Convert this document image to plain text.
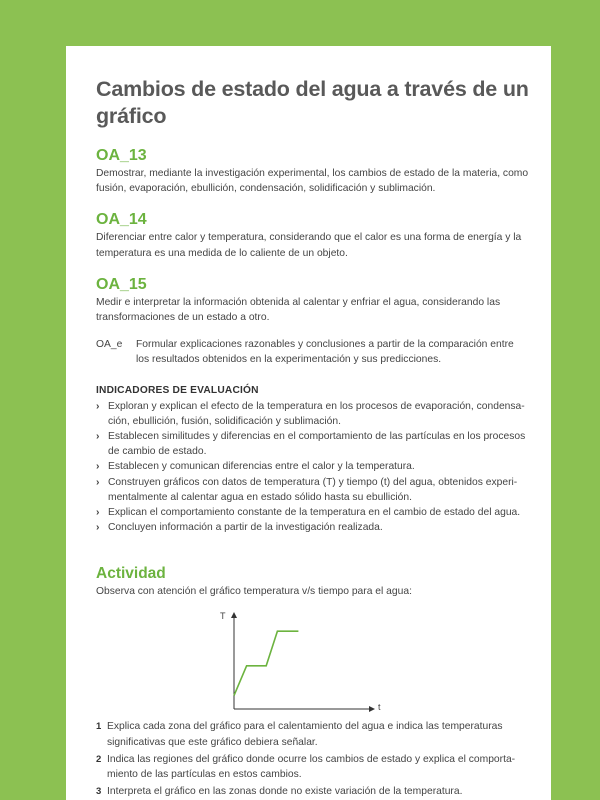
Cambios de estado del agua a través de un gráfico
OA_13
Demostrar, mediante la investigación experimental, los cambios de estado de la materia, como fusión, evaporación, ebullición, condensación, solidificación y sublimación.
OA_14
Diferenciar entre calor y temperatura, considerando que el calor es una forma de energía y la temperatura es una medida de lo caliente de un objeto.
OA_15
Medir e interpretar la información obtenida al calentar y enfriar el agua, considerando las transformaciones de un estado a otro.
OA_e	Formular explicaciones razonables y conclusiones a partir de la comparación entre los resultados obtenidos en la experimentación y sus predicciones.
INDICADORES DE EVALUACIÓN
› Exploran y explican el efecto de la temperatura en los procesos de evaporación, condensa- ción, ebullición, fusión, solidificación y sublimación.
› Establecen similitudes y diferencias en el comportamiento de las partículas en los procesos de cambio de estado.
› Establecen y comunican diferencias entre el calor y la temperatura.
› Construyen gráficos con datos de temperatura (T) y tiempo (t) del agua, obtenidos experi- mentalmente al calentar agua en estado sólido hasta su ebullición.
› Explican el comportamiento constante de la temperatura en el cambio de estado del agua.
› Concluyen información a partir de la investigación realizada.
Actividad
Observa con atención el gráfico temperatura v/s tiempo para el agua:
T
t
1 Explica cada zona del gráfico para el calentamiento del agua e indica las temperaturas significativas que este gráfico debiera señalar.
2 Indica las regiones del gráfico donde ocurre los cambios de estado y explica el comporta- miento de las partículas en estos cambios.
3 Interpreta el gráfico en las zonas donde no existe variación de la temperatura.
